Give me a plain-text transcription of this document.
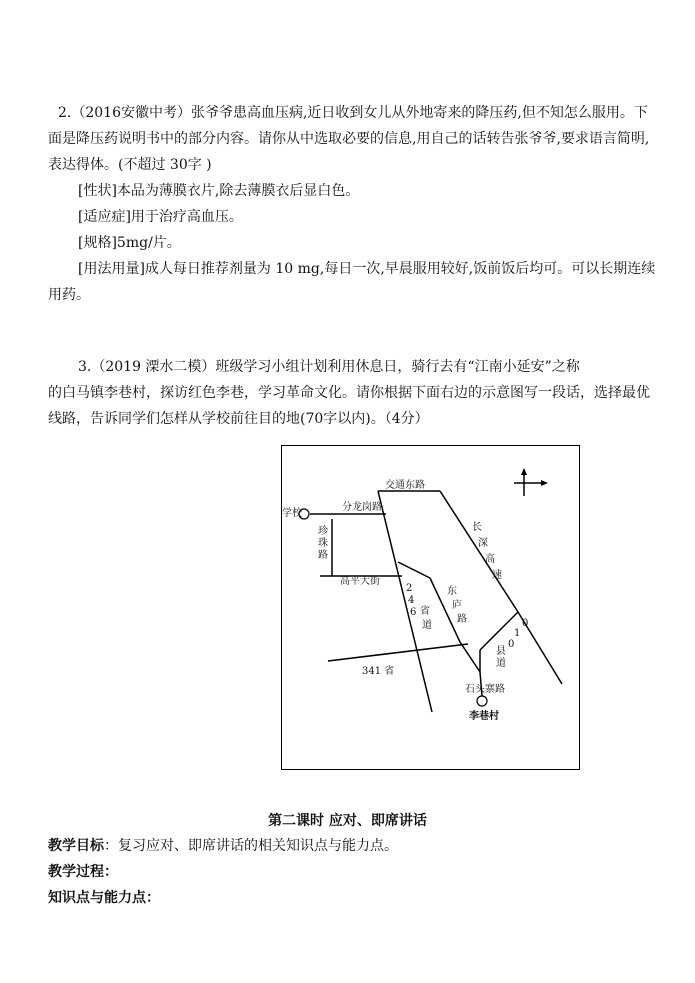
2.（2016安徽中考）张爷爷患高血压病,近日收到女儿从外地寄来的降压药,但不知怎么服用。下
面是降压药说明书中的部分内容。请你从中选取必要的信息,用自己的话转告张爷爷,要求语言简明,
表达得体。(不超过 30字 )
[性状]本品为薄膜衣片,除去薄膜衣后显白色。
[适应症]用于治疗高血压。
[规格]5mg/片。
[用法用量]成人每日推荐剂量为 10 mg,每日一次,早晨服用较好,饭前饭后均可。可以长期连续
用药。
3.（2019 溧水二模）班级学习小组计划利用休息日，骑行去有“江南小延安”之称
的白马镇李巷村，探访红色李巷，学习革命文化。请你根据下面右边的示意图写一段话，选择最优
线路，告诉同学们怎样从学校前往目的地(70字以内)。（4分）
交通东路
学校
分龙岗路
珍
珠
路
长
深
高
速
高平大街
2
4
6 省
道
东
庐
路	0
1
0
县
道
341 省
石头寨路
李巷村
第二课时 应对、即席讲话
教学目标：复习应对、即席讲话的相关知识点与能力点。
教学过程：
知识点与能力点：
